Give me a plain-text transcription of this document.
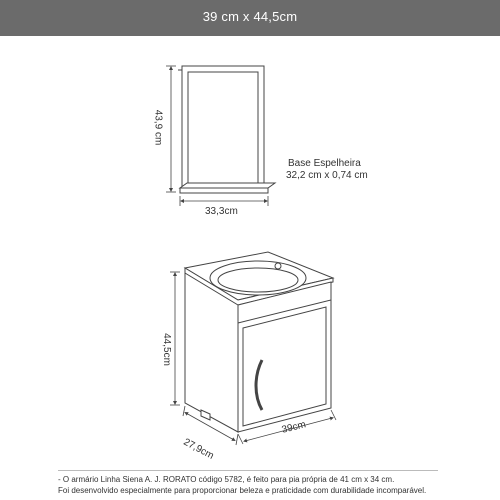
39 cm x 44,5cm
43,9 cm
33,3cm
Base Espelheira
32,2 cm x 0,74 cm
44,5cm
27,9cm
39cm
- O armário Linha Siena A. J. RORATO código 5782, é feito para pia própria de 41 cm x 34 cm.
Foi desenvolvido especialmente para proporcionar beleza e praticidade com durabilidade incomparável.
